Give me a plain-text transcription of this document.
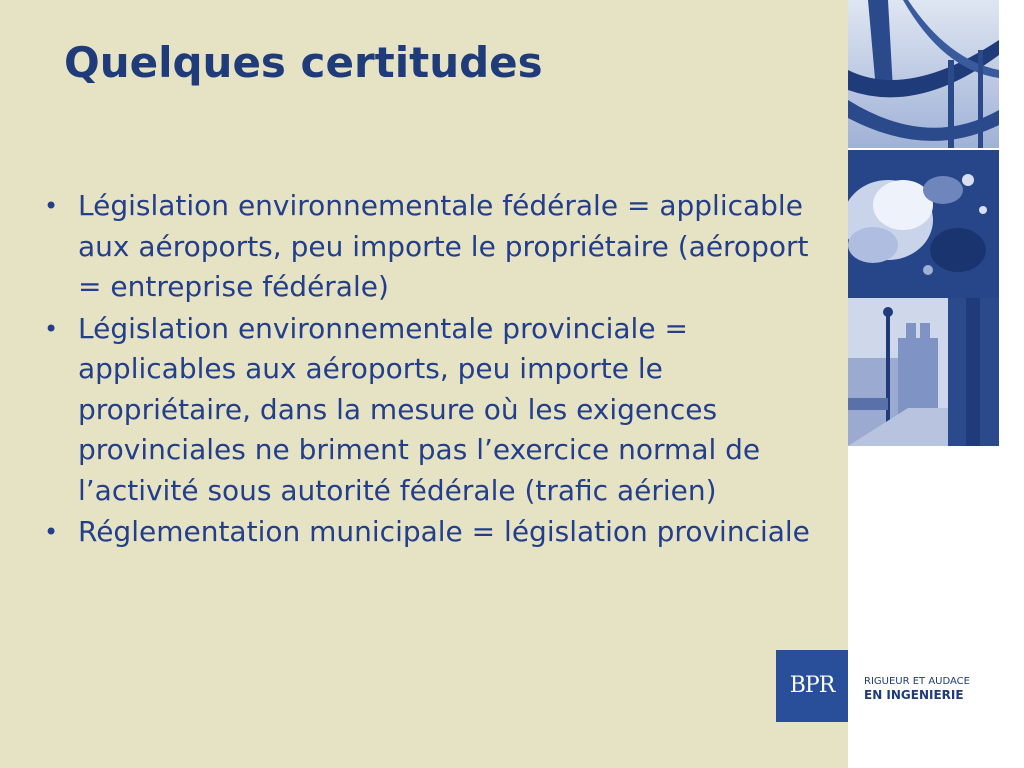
Quelques certitudes
• Législation environnementale fédérale = applicable aux aéroports, peu importe le propriétaire (aéroport = entreprise fédérale)
• Législation environnementale provinciale = applicables aux aéroports, peu importe le propriétaire, dans la mesure où les exigences provinciales ne briment pas l’exercice normal de l’activité sous autorité fédérale (trafic aérien)
• Réglementation municipale = législation provinciale
BPR	RIGUEUR ET AUDACE
EN INGENIERIE
